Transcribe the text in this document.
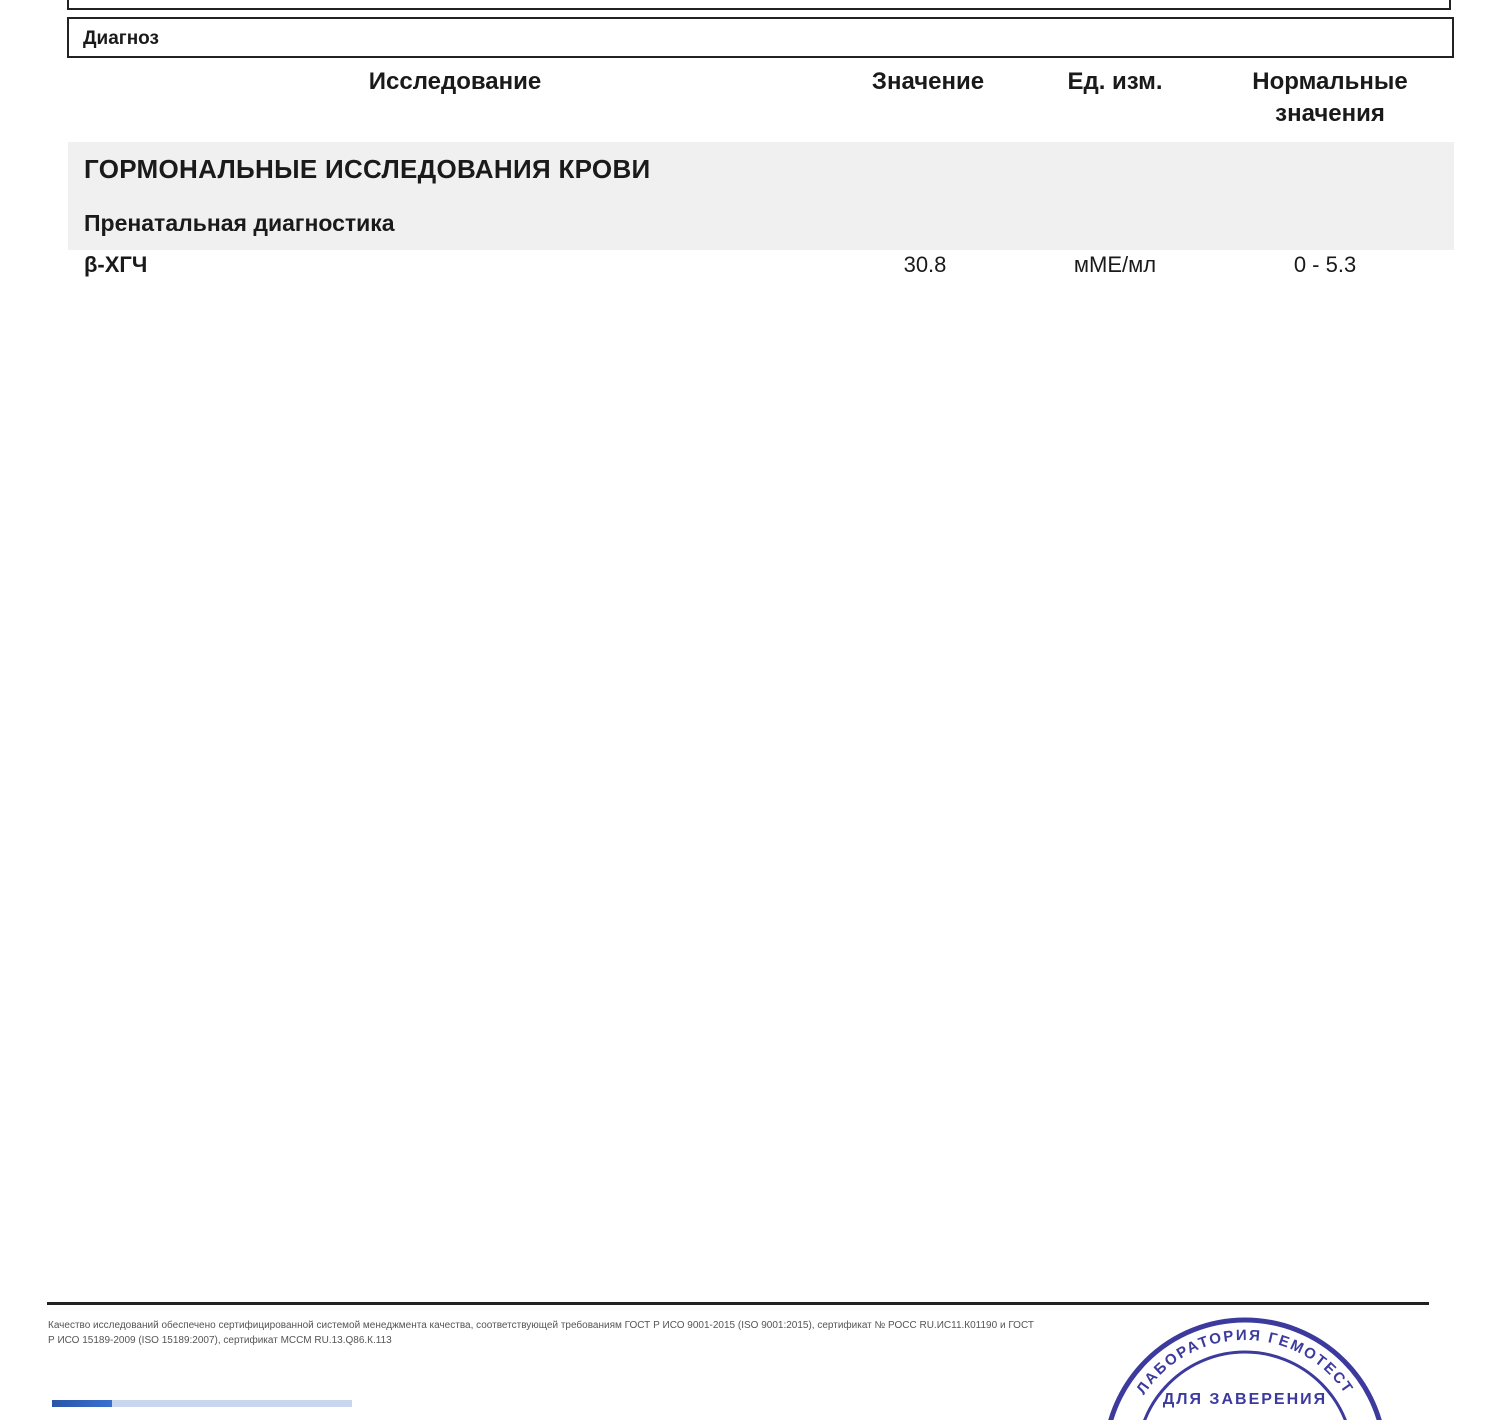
Диагноз
Исследование	Значение	Ед. изм.	Нормальные значения
ГОРМОНАЛЬНЫЕ ИССЛЕДОВАНИЯ КРОВИ
Пренатальная диагностика
β-ХГЧ	30.8	мМЕ/мл	0 - 5.3
Качество исследований обеспечено сертифицированной системой менеджмента качества, соответствующей требованиям ГОСТ Р ИСО 9001-2015 (ISO 9001:2015), сертификат № РОСС RU.ИС11.К01190 и ГОСТ Р ИСО 15189-2009 (ISO 15189:2007), сертификат МССМ RU.13.Q86.К.113
ЛАБОРАТОРИЯ ГЕМОТЕСТ
ДЛЯ ЗАВЕРЕНИЯ
